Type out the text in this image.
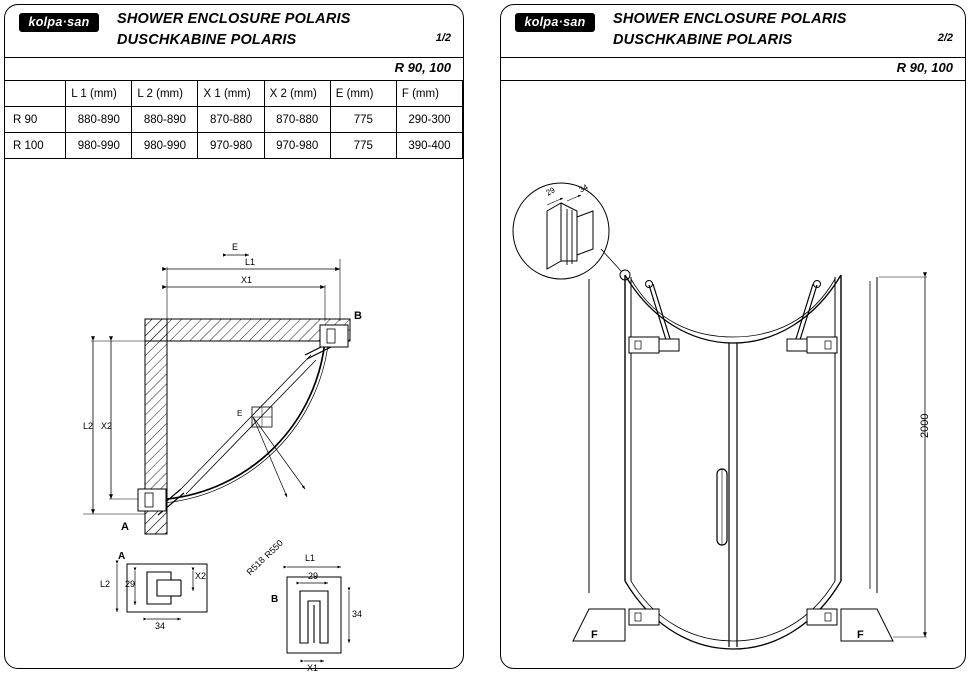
kolpa·san	SHOWER ENCLOSURE POLARIS
DUSCHKABINE POLARIS	1/2
R 90, 100
	L 1 (mm)	L 2 (mm)	X 1 (mm)	X 2 (mm)	E (mm)	F (mm)
R 90	880-890	880-890	870-880	870-880	775	290-300
R 100	980-990	980-990	970-980	970-980	775	390-400
E
L1
X1
L2 X2
R550
R518
E
B
A
A
L2 29
34
X2
B
L1
29
34
X1
kolpa·san	SHOWER ENCLOSURE POLARIS
DUSCHKABINE POLARIS	2/2
R 90, 100
2000
F	F
29	34
